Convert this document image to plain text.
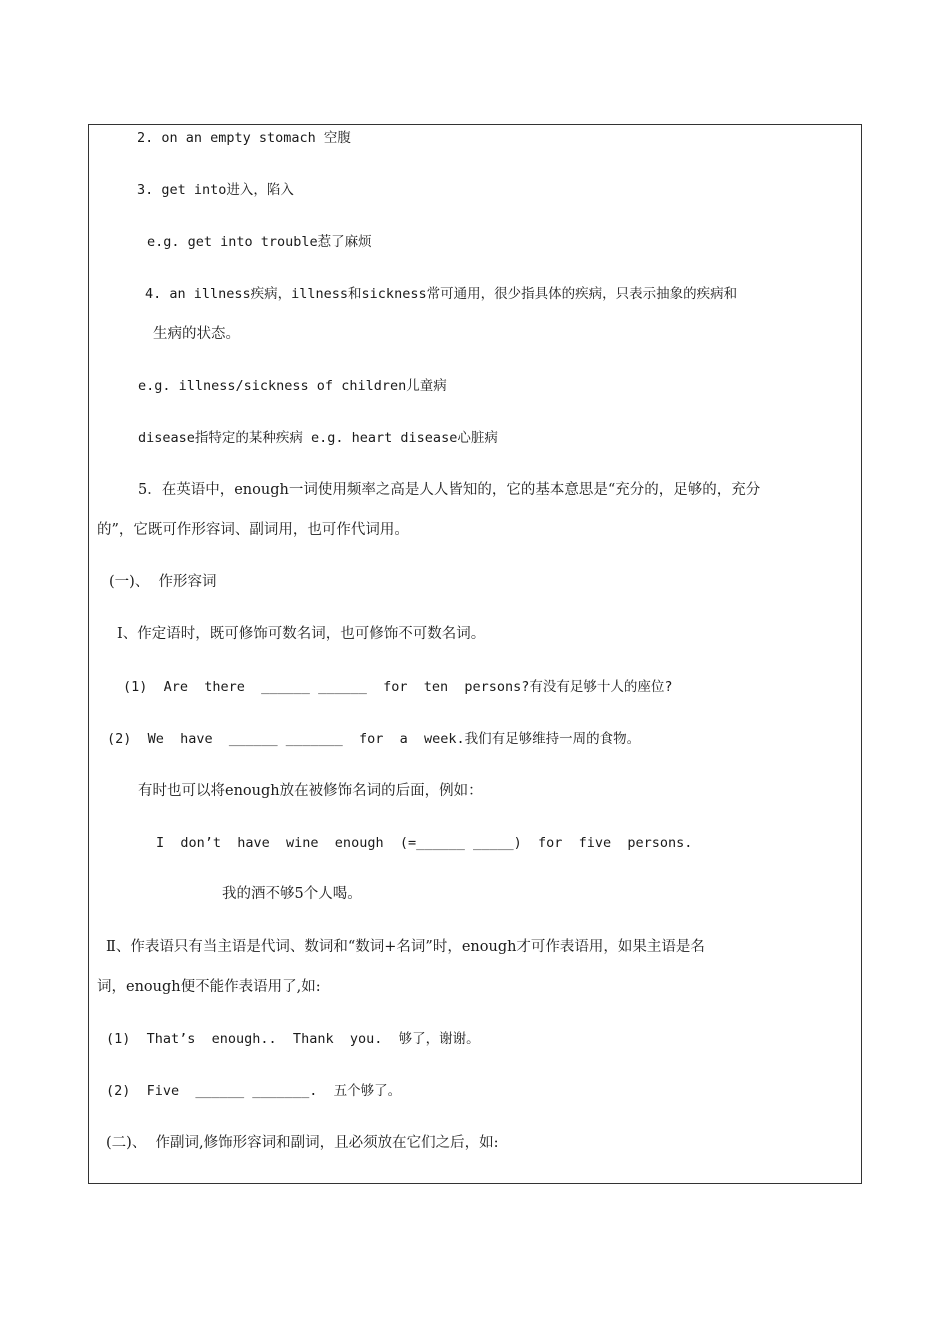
2. on an empty stomach 空腹
3. get into进入，陷入
e.g. get into trouble惹了麻烦
4. an illness疾病，illness和sickness常可通用，很少指具体的疾病，只表示抽象的疾病和
生病的状态。
e.g. illness/sickness of children儿童病
disease指特定的某种疾病 e.g. heart disease心脏病
5．在英语中，enough一词使用频率之高是人人皆知的，它的基本意思是“充分的，足够的，充分
的”，它既可作形容词、副词用，也可作代词用。
(一)、  作形容词
Ⅰ、作定语时，既可修饰可数名词，也可修饰不可数名词。
(1)  Are  there  ______ ______  for  ten  persons?有没有足够十人的座位?
(2)  We  have  ______ _______  for  a  week.我们有足够维持一周的食物。
有时也可以将enough放在被修饰名词的后面，例如：
I  don’t  have  wine  enough  (=______ _____)  for  five  persons.
我的酒不够5个人喝。
Ⅱ、作表语只有当主语是代词、数词和“数词+名词”时，enough才可作表语用，如果主语是名
词，enough便不能作表语用了,如:
(1)  That’s  enough..  Thank  you.  够了，谢谢。
(2)  Five  ______ _______.  五个够了。
(二)、  作副词,修饰形容词和副词，且必须放在它们之后，如:
